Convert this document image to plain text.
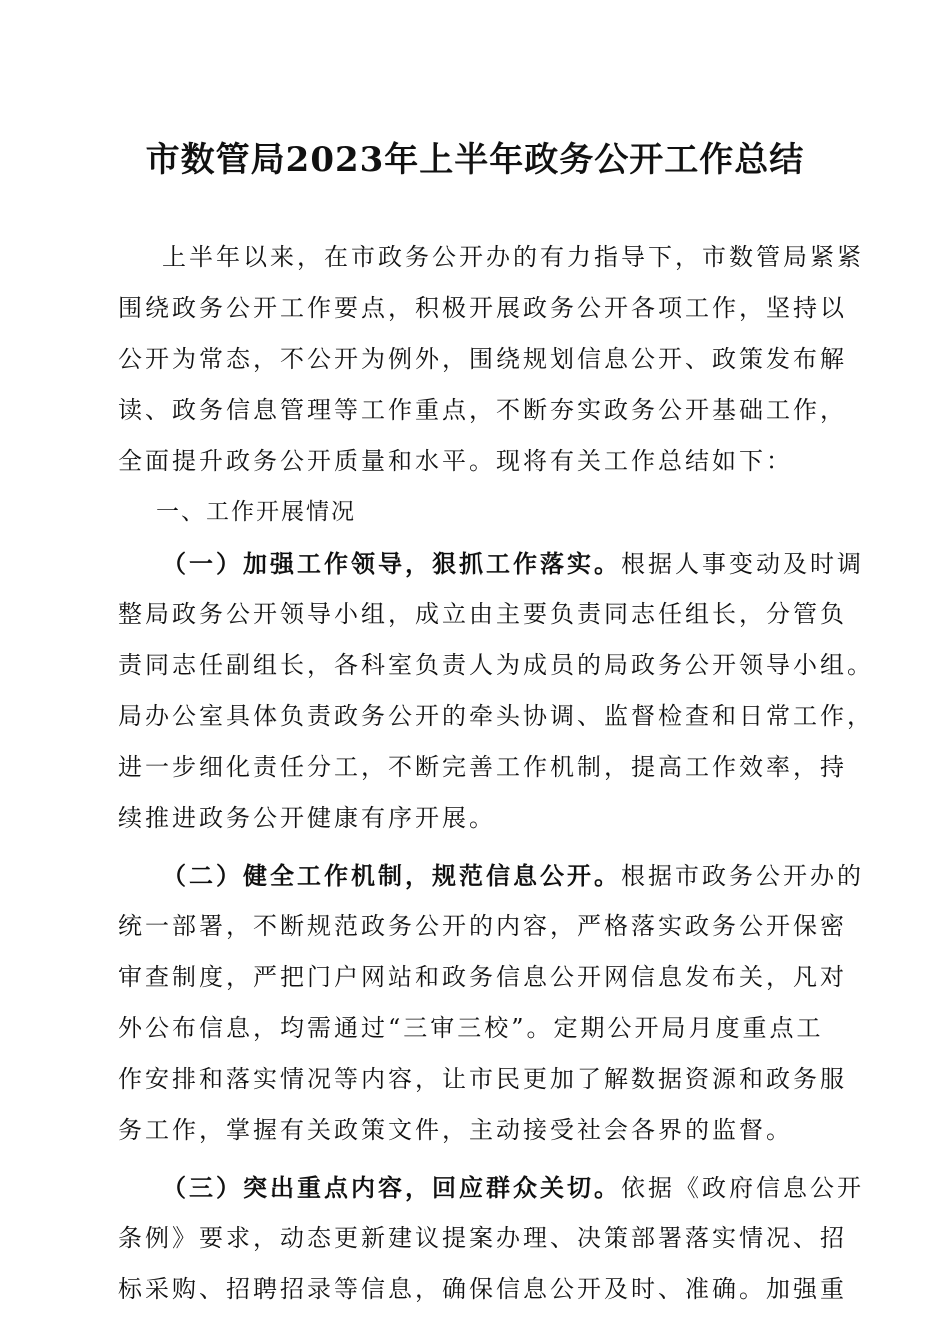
市数管局2023年上半年政务公开工作总结
上半年以来，在市政务公开办的有力指导下，市数管局紧紧
围绕政务公开工作要点，积极开展政务公开各项工作，坚持以
公开为常态，不公开为例外，围绕规划信息公开、政策发布解
读、政务信息管理等工作重点，不断夯实政务公开基础工作，
全面提升政务公开质量和水平。现将有关工作总结如下：
一、工作开展情况
（一）加强工作领导，狠抓工作落实。根据人事变动及时调
整局政务公开领导小组，成立由主要负责同志任组长，分管负
责同志任副组长，各科室负责人为成员的局政务公开领导小组。
局办公室具体负责政务公开的牵头协调、监督检查和日常工作，
进一步细化责任分工，不断完善工作机制，提高工作效率，持
续推进政务公开健康有序开展。
（二）健全工作机制，规范信息公开。根据市政务公开办的
统一部署，不断规范政务公开的内容，严格落实政务公开保密
审查制度，严把门户网站和政务信息公开网信息发布关，凡对
外公布信息，均需通过“三审三校”。定期公开局月度重点工
作安排和落实情况等内容，让市民更加了解数据资源和政务服
务工作，掌握有关政策文件，主动接受社会各界的监督。
（三）突出重点内容，回应群众关切。依据《政府信息公开
条例》要求，动态更新建议提案办理、决策部署落实情况、招
标采购、招聘招录等信息，确保信息公开及时、准确。加强重
